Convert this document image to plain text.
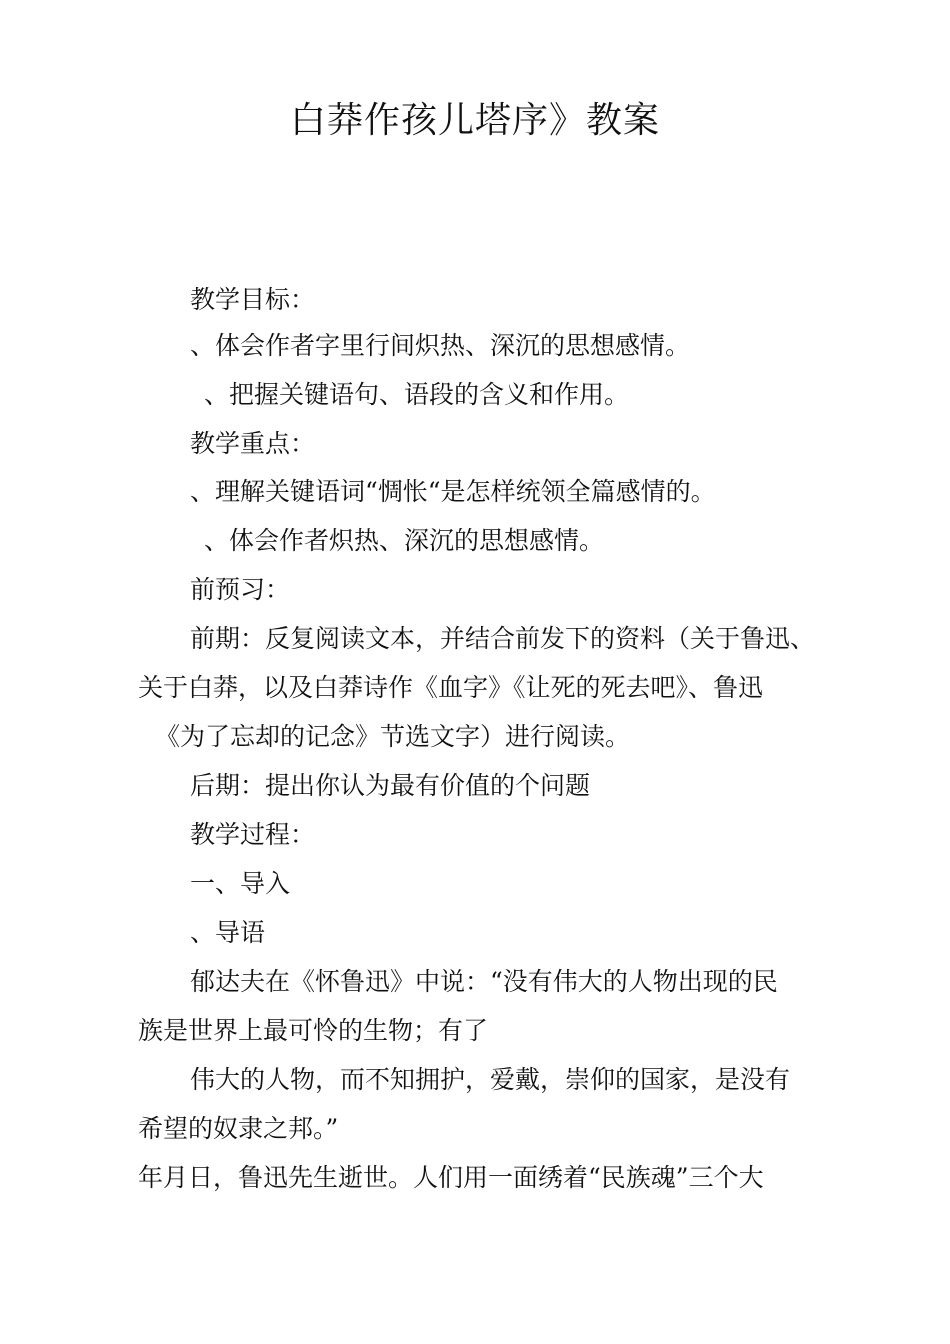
白莽作孩儿塔序》教案
教学目标：
、体会作者字里行间炽热、深沉的思想感情。
、把握关键语句、语段的含义和作用。
教学重点：
、理解关键语词“惆怅“是怎样统领全篇感情的。
、体会作者炽热、深沉的思想感情。
前预习：
前期：反复阅读文本，并结合前发下的资料（关于鲁迅、
关于白莽，以及白莽诗作《血字》《让死的死去吧》、鲁迅
《为了忘却的记念》节选文字）进行阅读。
后期：提出你认为最有价值的个问题
教学过程：
一、导入
、导语
郁达夫在《怀鲁迅》中说：“没有伟大的人物出现的民
族是世界上最可怜的生物；有了
伟大的人物，而不知拥护，爱戴，崇仰的国家，是没有
希望的奴隶之邦。”
年月日，鲁迅先生逝世。人们用一面绣着“民族魂”三个大
